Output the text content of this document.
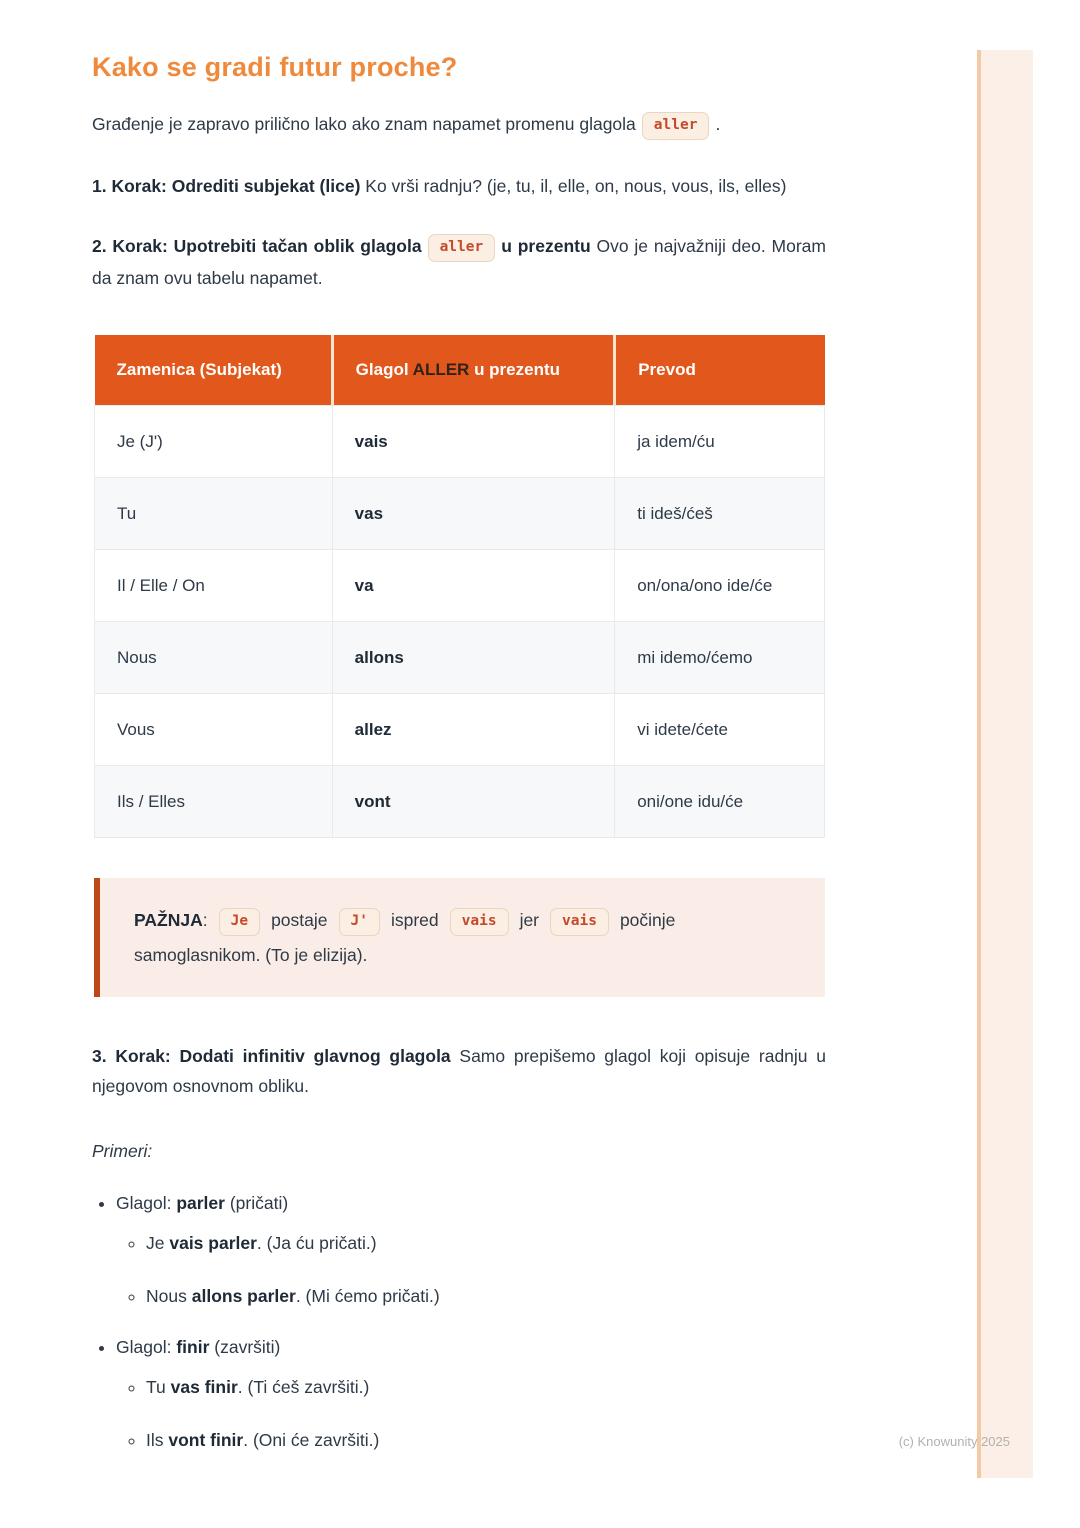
Kako se gradi futur proche?

Građenje je zapravo prilično lako ako znam napamet promenu glagola aller .

1. Korak: Odrediti subjekat (lice) Ko vrši radnju? (je, tu, il, elle, on, nous, vous, ils, elles)

2. Korak: Upotrebiti tačan oblik glagola aller u prezentu Ovo je najvažniji deo. Moram da znam ovu tabelu napamet.

Zamenica (Subjekat)	Glagol ALLER u prezentu	Prevod
Je (J')	vais	ja idem/ću
Tu	vas	ti ideš/ćeš
Il / Elle / On	va	on/ona/ono ide/će
Nous	allons	mi idemo/ćemo
Vous	allez	vi idete/ćete
Ils / Elles	vont	oni/one idu/će

PAŽNJA: Je postaje J' ispred vais jer vais počinje

samoglasnikom. (To je elizija).

3. Korak: Dodati infinitiv glavnog glagola Samo prepišemo glagol koji opisuje radnju u njegovom osnovnom obliku.

Primeri:

• Glagol: parler (pričati)
◦ Je vais parler. (Ja ću pričati.)
◦ Nous allons parler. (Mi ćemo pričati.)
• Glagol: finir (završiti)
◦ Tu vas finir. (Ti ćeš završiti.)
◦ Ils vont finir. (Oni će završiti.)	(c) Knowunity 2025
